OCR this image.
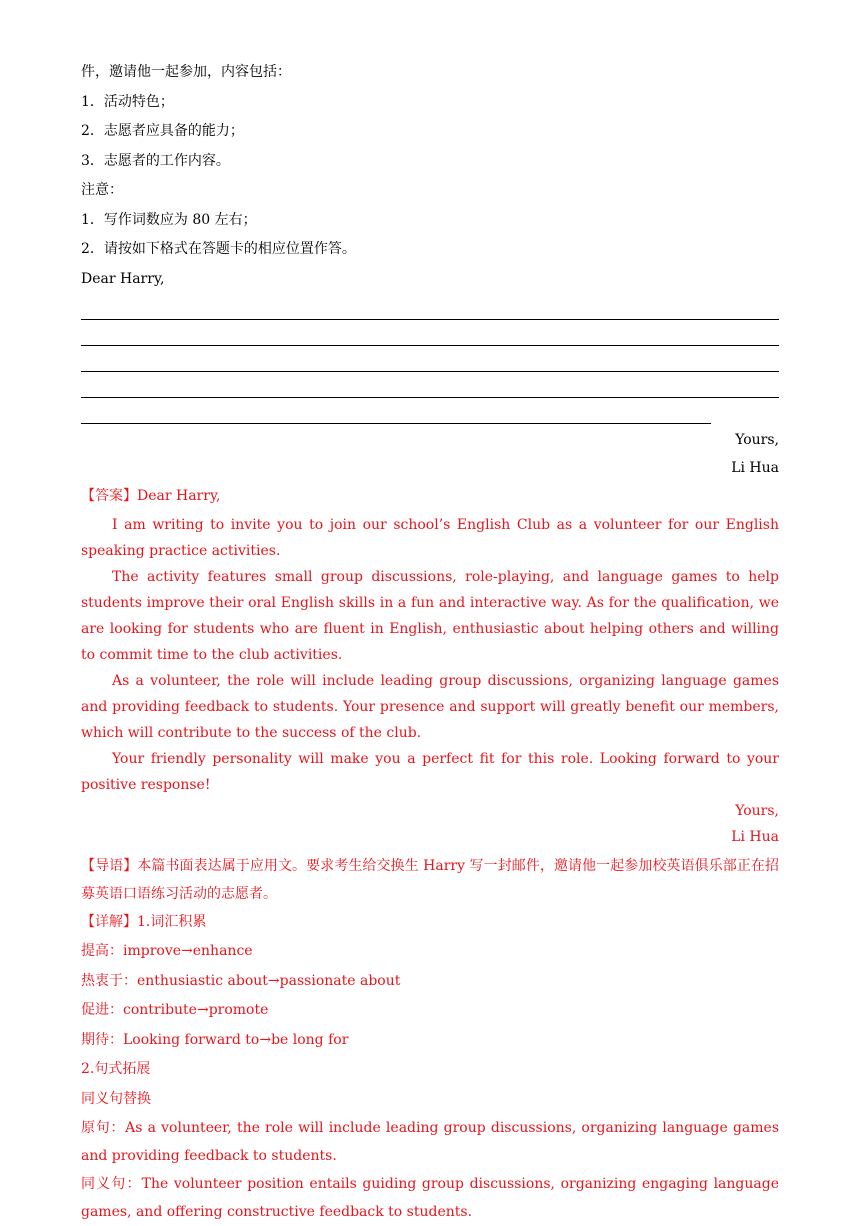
件，邀请他一起参加，内容包括：
1．活动特色；
2．志愿者应具备的能力；
3．志愿者的工作内容。
注意：
1．写作词数应为 80 左右；
2．请按如下格式在答题卡的相应位置作答。
Dear Harry,
Yours,
Li Hua
【答案】Dear Harry,
I am writing to invite you to join our school’s English Club as a volunteer for our English speaking practice activities.
The activity features small group discussions, role-playing, and language games to help students improve their oral English skills in a fun and interactive way. As for the qualification, we are looking for students who are fluent in English, enthusiastic about helping others and willing to commit time to the club activities.
As a volunteer, the role will include leading group discussions, organizing language games and providing feedback to students. Your presence and support will greatly benefit our members, which will contribute to the success of the club.
Your friendly personality will make you a perfect fit for this role. Looking forward to your positive response!
Yours,
Li Hua
【导语】本篇书面表达属于应用文。要求考生给交换生 Harry 写一封邮件，邀请他一起参加校英语俱乐部正在招募英语口语练习活动的志愿者。
【详解】1.词汇积累
提高：improve→enhance
热衷于：enthusiastic about→passionate about
促进：contribute→promote
期待：Looking forward to→be long for
2.句式拓展
同义句替换
原句：As a volunteer, the role will include leading group discussions, organizing language games and providing feedback to students.
同义句：The volunteer position entails guiding group discussions, organizing engaging language games, and offering constructive feedback to students.
